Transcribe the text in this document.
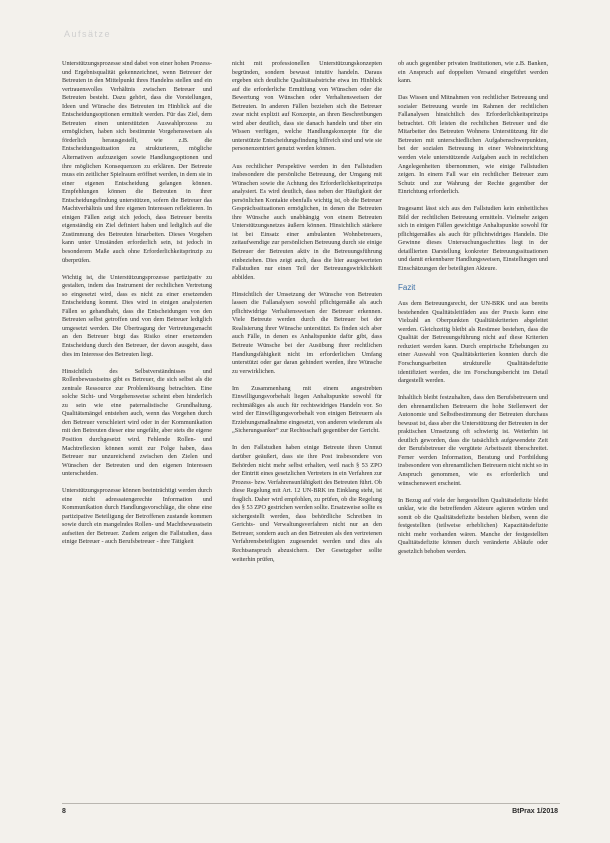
Aufsätze

Unterstützungsprozesse sind dabei von einer hohen Prozess- und Ergebnisqualität gekennzeichnet, wenn Betreuer der Betreuten in den Mittelpunkt ihres Handelns stellen und ein vertrauensvolles Verhältnis zwischen Betreuer und Betreuten besteht. Dazu gehört, dass die Vorstellungen, Ideen und Wünsche des Betreuten im Hinblick auf die Entscheidungsoptionen ermittelt werden. Für das Ziel, dem Betreuten einen unterstützten Auswahlprozess zu ermöglichen, haben sich bestimmte Vorgehensweisen als förderlich herausgestellt, wie z.B. die Entscheidungssituation zu strukturieren, mögliche Alternativen aufzuzeigen sowie Handlungsoptionen und ihre möglichen Konsequenzen zu erklären. Der Betreute muss ein zeitlicher Spielraum eröffnet werden, in dem sie in einer eigenen Entscheidung gelangen können. Empfehlungen können die Betreuten in ihrer Entscheidungsfindung unterstützen, sofern die Betreuer das Machtverhältnis und ihre eigenen Interessen reflektieren. In einigen Fällen zeigt sich jedoch, dass Betreuer bereits eigenständig ein Ziel definiert haben und lediglich auf die Zustimmung des Betreuten hinarbeiten. Dieses Vorgehen kann unter Umständen erforderlich sein, ist jedoch in besonderem Maße auch ohne Erforderlichkeitsprinzip zu überprüfen.

Wichtig ist, die Unterstützungsprozesse partizipativ zu gestalten, indem das Instrument der rechtlichen Vertretung so eingesetzt wird, dass es nicht zu einer ersetzenden Entscheidung kommt. Dies wird in einigen analysierten Fällen so gehandhabt, dass die Entscheidungen von den Betreuten selbst getroffen und von dem Betreuer lediglich umgesetzt werden. Die Übertragung der Vertretungsmacht an den Betreuer birgt das Risiko einer ersetzenden Entscheidung durch den Betreuer, der davon ausgeht, dass dies im Interesse des Betreuten liegt.

Hinsichtlich des Selbstverständnisses und Rollenbewusstseins gibt es Betreuer, die sich selbst als die zentrale Ressource zur Problemlösung betrachten. Eine solche Sicht- und Vorgehensweise scheint eben hinderlich zu sein wie eine paternalistische Grundhaltung. Qualitätsmängel entstehen auch, wenn das Vorgehen durch den Betreuer verschleiert wird oder in der Kommunikation mit den Betreuten dieser eine ungefähr, aber stets die eigene Position durchgesetzt wird. Fehlende Rollen- und Machtreflexion können somit zur Folge haben, dass Betreuer nur unzureichend zwischen den Zielen und Wünschen der Betreuten und den eigenen Interessen unterscheiden.

Unterstützungsprozesse können beeinträchtigt werden durch eine nicht adressatengerechte Information und Kommunikation durch Handlungsvorschläge, die ohne eine partizipative Beteiligung der Betroffenen zustande kommen sowie durch ein mangelndes Rollen- und Machtbewusstsein aufseiten der Betreuer. Zudem zeigen die Fallstudien, dass einige Betreuer - auch Berufsbetreuer - ihre Tätigkeit

nicht mit professionellen Unterstützungskonzepten begründen, sondern bewusst intuitiv handeln. Daraus ergeben sich deutliche Qualitätsabstriche etwa im Hinblick auf die erforderliche Ermittlung von Wünschen oder die Bewertung von Wünschen oder Verhaltensweisen der Betreuten. In anderen Fällen beziehen sich die Betreuer zwar nicht explizit auf Konzepte, an ihren Beschreibungen wird aber deutlich, dass sie danach handeln und über ein Wissen verfügen, welche Handlungskonzepte für die unterstützte Entscheidungsfindung hilfreich sind und wie sie personenzentriert genutzt werden können.

Aus rechtlicher Perspektive werden in den Fallstudien insbesondere die persönliche Betreuung, der Umgang mit Wünschen sowie die Achtung des Erforderlichkeitsprinzips analysiert. Es wird deutlich, dass neben der Häufigkeit der persönlichen Kontakte ebenfalls wichtig ist, ob die Betreuer Gesprächssituationen ermöglichen, in denen die Betreuten ihre Wünsche auch unabhängig von einem Betreuten Unterstützungsnetzes äußern können. Hinsichtlich stärkere ist bei Einsatz einer ambulanten Wohnbetreuers, zeitaufwendige zur persönlichen Betreuung durch sie einige Betreuer der Betreuten aktiv in die Betreuungsführung einbeziehen. Dies zeigt auch, dass die hier ausgewerteten Fallstudien nur einen Teil der Betreuungswirklichkeit abbilden.

Hinsichtlich der Umsetzung der Wünsche von Betreuten lassen die Fallanalysen sowohl pflichtgemäße als auch pflichtwidrige Verhaltensweisen der Betreuer erkennen. Viele Betreute werden durch die Betreuer bei der Realisierung ihrer Wünsche unterstützt. Es finden sich aber auch Fälle, in denen es Anhaltspunkte dafür gibt, dass Betreute Wünsche bei der Ausübung ihrer rechtlichen Handlungsfähigkeit nicht im erforderlichen Umfang unterstützt oder gar daran gehindert werden, ihre Wünsche zu verwirklichen.

Im Zusammenhang mit einem angestrebten Einwilligungsvorbehalt liegen Anhaltspunkte sowohl für rechtmäßiges als auch für rechtswidriges Handeln vor. So wird der Einwilligungsvorbehalt von einigen Betreuern als Erziehungsmaßnahme eingesetzt, von anderen wiederum als „Sicherungsanker“ zur Rechtsschaft gegenüber der Gericht.

In den Fallstudien haben einige Betreute ihren Unmut darüber geäußert, dass sie ihre Post insbesondere von Behörden nicht mehr selbst erhalten, weil nach § 53 ZPO der Eintritt eines gesetzlichen Vertreters in ein Verfahren zur Prozess- bzw. Verfahrensunfähigkeit des Betreuten führt. Ob diese Regelung mit Art. 12 UN-BRK im Einklang steht, ist fraglich. Daher wird empfohlen, zu prüfen, ob die Regelung des § 53 ZPO gestrichen werden sollte. Ersatzweise sollte es sichergestellt werden, dass behördliche Schreiben in Gerichts- und Verwaltungsverfahren nicht nur an den Betreuer, sondern auch an den Betreuten als den vertretenen Verfahrensbeteiligten zugesendet werden und dies als Rechtsanspruch abzusichern. Der Gesetzgeber sollte weiterhin prüfen,

ob auch gegenüber privaten Institutionen, wie z.B. Banken, ein Anspruch auf doppelten Versand eingeführt werden kann.

Das Wissen und Mitnahmen von rechtlicher Betreuung und sozialer Betreuung wurde im Rahmen der rechtlichen Fallanalysen hinsichtlich des Erforderlichkeitsprinzips betrachtet. Oft leisten die rechtlichen Betreuer und die Mitarbeiter des Betreuten Wohnens Unterstützung für die Betreuten mit unterschiedlichen Aufgabenschwerpunkten, bei der sozialen Betreuung in einer Wohneinrichtung werden viele unterstützende Aufgaben auch in rechtlichen Angelegenheiten übernommen, wie einige Fallstudien zeigen. In einem Fall war ein rechtlicher Betreuer zum Schutz und zur Wahrung der Rechte gegenüber der Einrichtung erforderlich.

Insgesamt lässt sich aus den Fallstudien kein einheitliches Bild der rechtlichen Betreuung ermitteln. Vielmehr zeigen sich in einigen Fällen gewichtige Anhaltspunkte sowohl für pflichtgemäßes als auch für pflichtwidriges Handeln. Die Gewinne dieses Untersuchungsschrittes liegt in der detaillierten Darstellung konkreter Betreuungssituationen und damit erkennbarer Handlungsweisen, Einstellungen und Einschätzungen der beteiligten Akteure.

Fazit

Aus dem Betreuungsrecht, der UN-BRK und aus bereits bestehenden Qualitätsleitfäden aus der Praxis kann eine Vielzahl an Oberpunkten Qualitätskriterien abgeleitet werden. Gleichzeitig bleibt als Resümee bestehen, dass die Qualität der Betreuungsführung nicht auf diese Kriterien reduziert werden kann. Durch empirische Erhebungen zu einer Auswahl von Qualitätskriterien konnten durch die Forschungsarbeiten strukturelle Qualitätsdefizite identifiziert werden, die im Forschungsbericht im Detail dargestellt werden.

Inhaltlich bleibt festzuhalten, dass den Berufsbetreuern und den ehrenamtlichen Betreuern die hohe Stellenwert der Autonomie und Selbstbestimmung der Betreuten durchaus bewusst ist, dass aber die Unterstützung der Betreuten in der praktischen Umsetzung oft schwierig ist. Weiterhin ist deutlich geworden, dass die tatsächlich aufgewendete Zeit der Berufsbetreuer die vergütete Arbeitszeit überschreitet. Ferner werden Information, Beratung und Fortbildung insbesondere von ehrenamtlichen Betreuern nicht nicht so in Anspruch genommen, wie es erforderlich und wünschenswert erscheint.

In Bezug auf viele der hergestellten Qualitätsdefizite bleibt unklar, wie die betreffenden Akteure agieren würden und somit ob die Qualitätsdefizite bestehen bleiben, wenn die festgestellten (teilweise erheblichen) Kapazitätsdefizite nicht mehr vorhanden wären. Manche der festgestellten Qualitätsdefizite können durch veränderte Abläufe oder gesetzlich behoben werden.

8	BtPrax 1/2018
